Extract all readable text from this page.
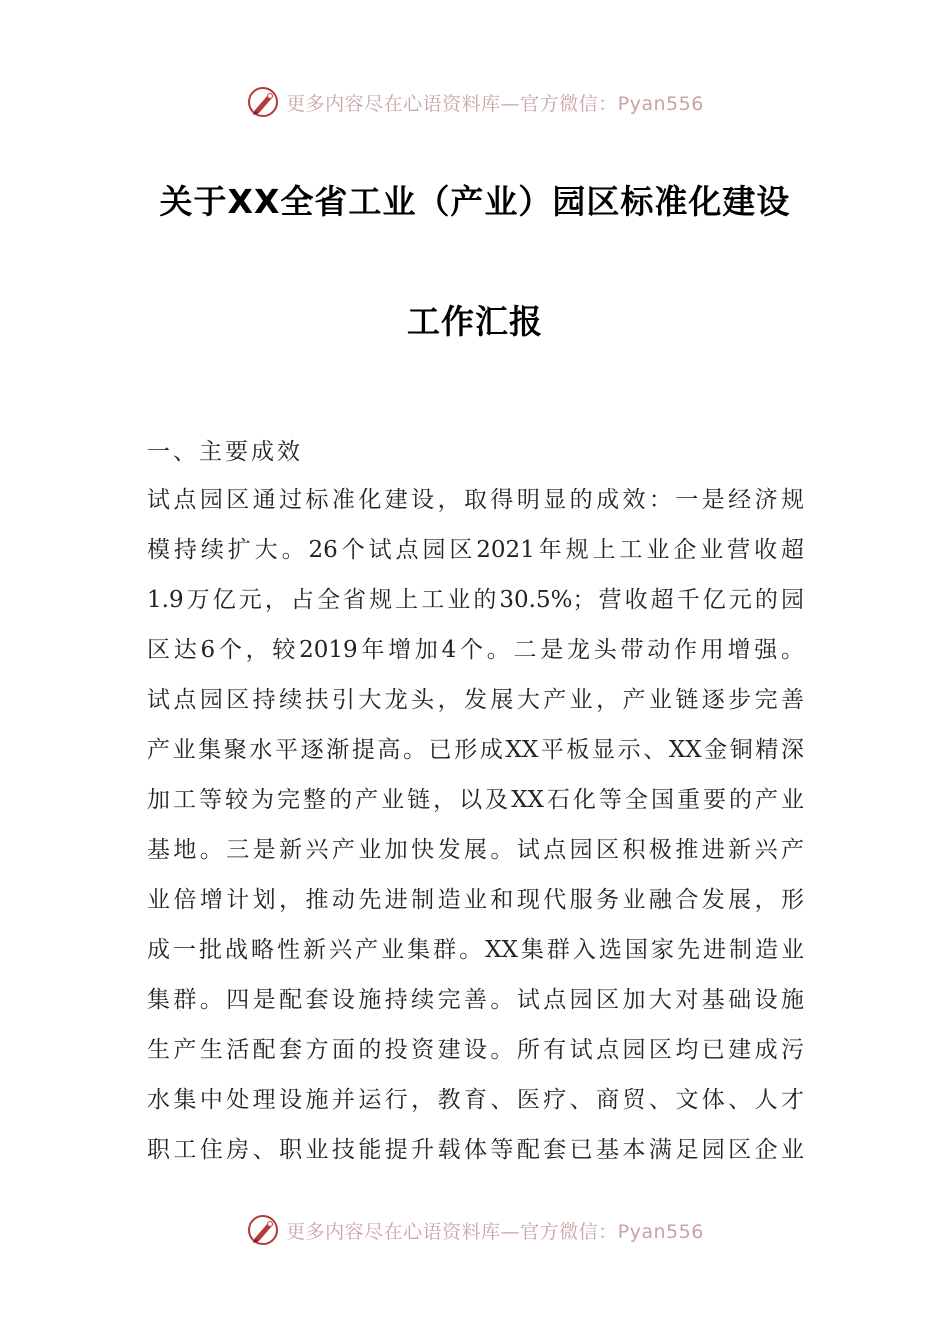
更多内容尽在心语资料库—官方微信：Pyan556
关于XX全省工业（产业）园区标准化建设
工作汇报
一、主要成效
试点园区通过标准化建设，取得明显的成效：一是经济规
模持续扩大。26个试点园区2021年规上工业企业营收超
1.9万亿元，占全省规上工业的30.5%；营收超千亿元的园
区达6个，较2019年增加4个。二是龙头带动作用增强。
试点园区持续扶引大龙头，发展大产业，产业链逐步完善
产业集聚水平逐渐提高。已形成XX平板显示、XX金铜精深
加工等较为完整的产业链，以及XX石化等全国重要的产业
基地。三是新兴产业加快发展。试点园区积极推进新兴产
业倍增计划，推动先进制造业和现代服务业融合发展，形
成一批战略性新兴产业集群。XX集群入选国家先进制造业
集群。四是配套设施持续完善。试点园区加大对基础设施
生产生活配套方面的投资建设。所有试点园区均已建成污
水集中处理设施并运行，教育、医疗、商贸、文体、人才
职工住房、职业技能提升载体等配套已基本满足园区企业
更多内容尽在心语资料库—官方微信：Pyan556
